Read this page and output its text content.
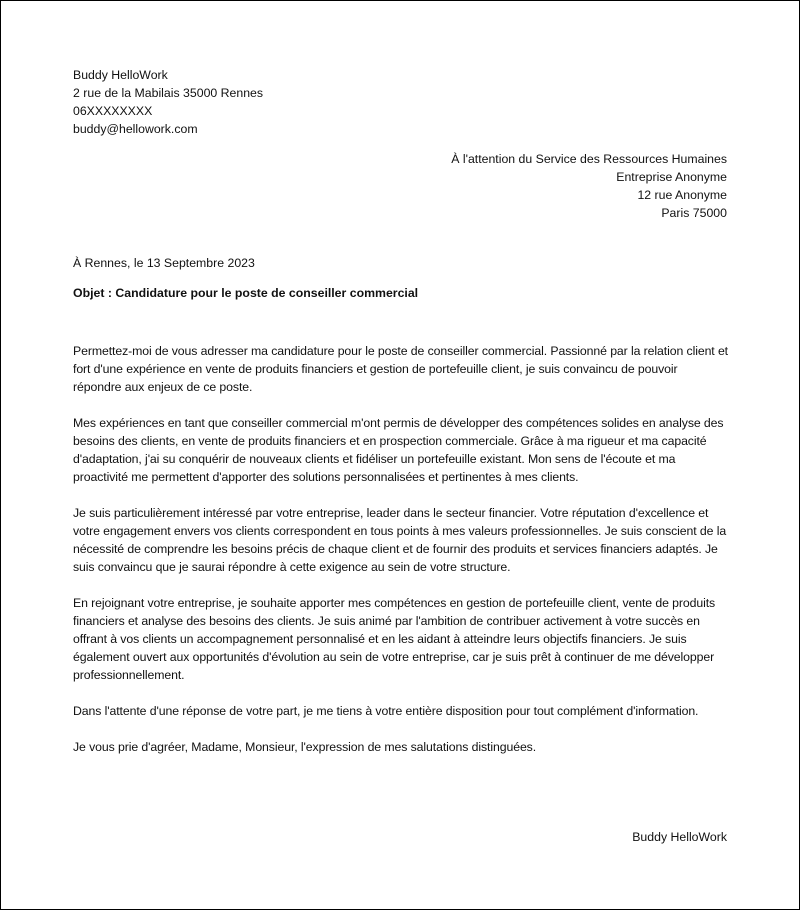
Buddy HelloWork
2 rue de la Mabilais 35000 Rennes
06XXXXXXXX
buddy@hellowork.com
À l'attention du Service des Ressources Humaines
Entreprise Anonyme
12 rue Anonyme
Paris 75000
À Rennes, le 13 Septembre 2023
Objet : Candidature pour le poste de conseiller commercial

Permettez-moi de vous adresser ma candidature pour le poste de conseiller commercial. Passionné par la relation client et fort d'une expérience en vente de produits financiers et gestion de portefeuille client, je suis convaincu de pouvoir répondre aux enjeux de ce poste.

Mes expériences en tant que conseiller commercial m'ont permis de développer des compétences solides en analyse des besoins des clients, en vente de produits financiers et en prospection commerciale. Grâce à ma rigueur et ma capacité d'adaptation, j'ai su conquérir de nouveaux clients et fidéliser un portefeuille existant. Mon sens de l'écoute et ma proactivité me permettent d'apporter des solutions personnalisées et pertinentes à mes clients.

Je suis particulièrement intéressé par votre entreprise, leader dans le secteur financier. Votre réputation d'excellence et votre engagement envers vos clients correspondent en tous points à mes valeurs professionnelles. Je suis conscient de la nécessité de comprendre les besoins précis de chaque client et de fournir des produits et services financiers adaptés. Je suis convaincu que je saurai répondre à cette exigence au sein de votre structure.

En rejoignant votre entreprise, je souhaite apporter mes compétences en gestion de portefeuille client, vente de produits financiers et analyse des besoins des clients. Je suis animé par l'ambition de contribuer activement à votre succès en offrant à vos clients un accompagnement personnalisé et en les aidant à atteindre leurs objectifs financiers. Je suis également ouvert aux opportunités d'évolution au sein de votre entreprise, car je suis prêt à continuer de me développer professionnellement.

Dans l'attente d'une réponse de votre part, je me tiens à votre entière disposition pour tout complément d'information.

Je vous prie d'agréer, Madame, Monsieur, l'expression de mes salutations distinguées.

Buddy HelloWork
